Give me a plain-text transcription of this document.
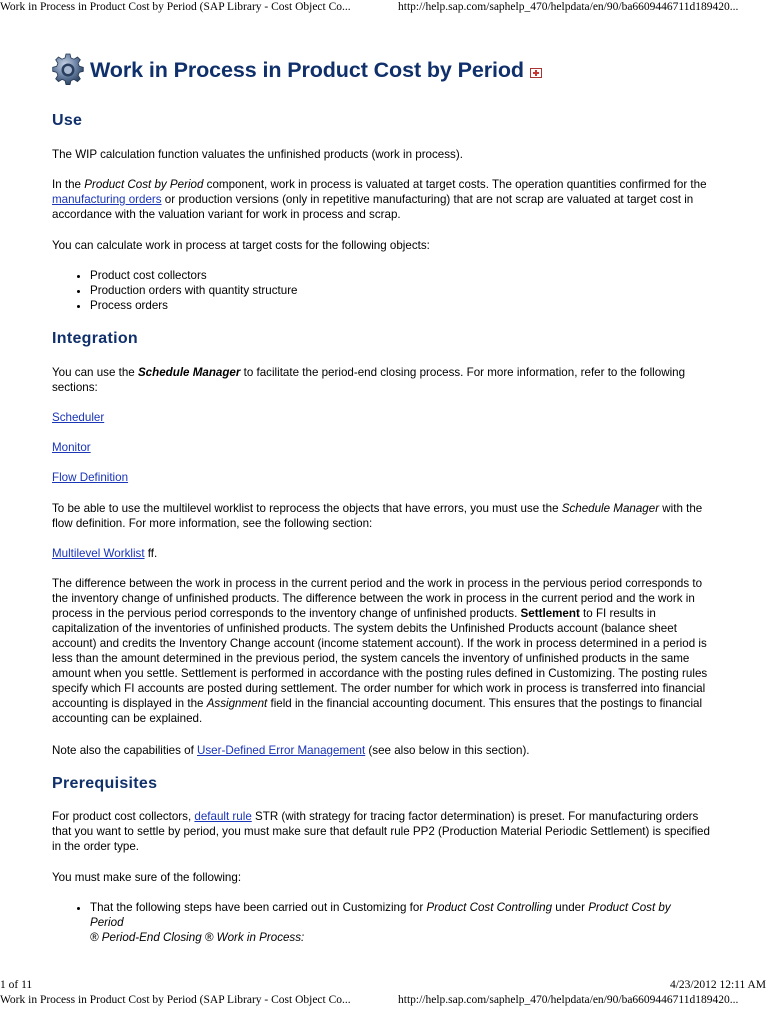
Work in Process in Product Cost by Period (SAP Library - Cost Object Co...	http://help.sap.com/saphelp_470/helpdata/en/90/ba6609446711d189420...
Work in Process in Product Cost by Period
Use

The WIP calculation function valuates the unfinished products (work in process).

In the Product Cost by Period component, work in process is valuated at target costs. The operation quantities confirmed for the manufacturing orders or production versions (only in repetitive manufacturing) that are not scrap are valuated at target cost in accordance with the valuation variant for work in process and scrap.

You can calculate work in process at target costs for the following objects:

• Product cost collectors
• Production orders with quantity structure
• Process orders
Integration

You can use the Schedule Manager to facilitate the period-end closing process. For more information, refer to the following sections:

Scheduler

Monitor

Flow Definition

To be able to use the multilevel worklist to reprocess the objects that have errors, you must use the Schedule Manager with the flow definition. For more information, see the following section:

Multilevel Worklist ff.

The difference between the work in process in the current period and the work in process in the pervious period corresponds to the inventory change of unfinished products. The difference between the work in process in the current period and the work in process in the pervious period corresponds to the inventory change of unfinished products. Settlement to FI results in capitalization of the inventories of unfinished products. The system debits the Unfinished Products account (balance sheet account) and credits the Inventory Change account (income statement account). If the work in process determined in a period is less than the amount determined in the previous period, the system cancels the inventory of unfinished products in the same amount when you settle. Settlement is performed in accordance with the posting rules defined in Customizing. The posting rules specify which FI accounts are posted during settlement. The order number for which work in process is transferred into financial accounting is displayed in the Assignment field in the financial accounting document. This ensures that the postings to financial accounting can be explained.

Note also the capabilities of User-Defined Error Management (see also below in this section).

Prerequisites

For product cost collectors, default rule STR (with strategy for tracing factor determination) is preset. For manufacturing orders that you want to settle by period, you must make sure that default rule PP2 (Production Material Periodic Settlement) is specified in the order type.

You must make sure of the following:

• That the following steps have been carried out in Customizing for Product Cost Controlling under Product Cost by Period
® Period-End Closing ® Work in Process:
1 of 11	4/23/2012 12:11 AM
Work in Process in Product Cost by Period (SAP Library - Cost Object Co...	http://help.sap.com/saphelp_470/helpdata/en/90/ba6609446711d189420...
